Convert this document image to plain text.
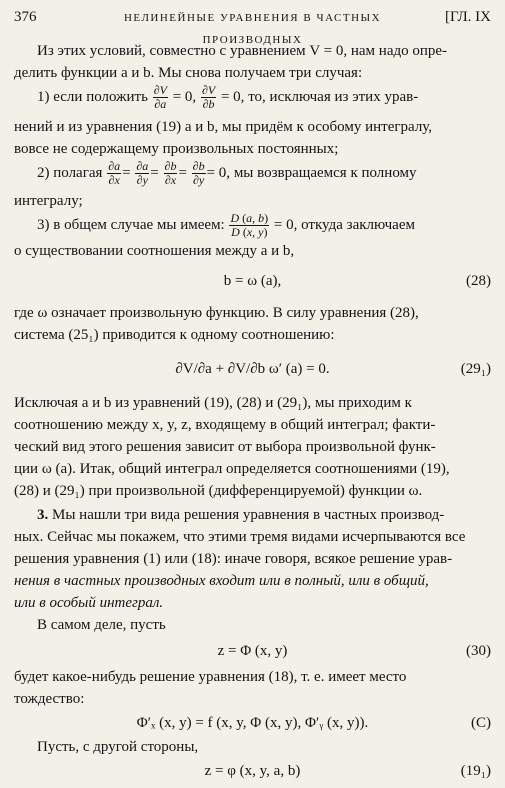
376	НЕЛИНЕЙНЫЕ УРАВНЕНИЯ В ЧАСТНЫХ ПРОИЗВОДНЫХ
[ГЛ. IX
Из этих условий, совместно с уравнением V = 0, нам надо опре-
делить функции a и b. Мы снова получаем три случая:
1) если положить $\frac{\partial V}{\partial a} = 0$, $\frac{\partial V}{\partial b} = 0$, то, исключая из этих урав-
нений и из уравнения (19) a и b, мы придём к особому интегралу,
вовсе не содержащему произвольных постоянных;
2) полагая $\frac{\partial a}{\partial x} = \frac{\partial a}{\partial y} = \frac{\partial b}{\partial x} = \frac{\partial b}{\partial y} = 0$, мы возвращаемся к полному
интегралу;
3) в общем случае мы имеем: $\frac{D (a, b)}{D (x, y)} = 0$, откуда заключаем
о существовании соотношения между a и b,
b = ω (a),	(28)
где ω означает произвольную функцию. В силу уравнения (28),
система (25₁) приводится к одному соотношению:
∂V/∂a + ∂V/∂b ω′ (a) = 0.	(29₁)
Исключая a и b из уравнений (19), (28) и (29₁), мы приходим к
соотношению между x, y, z, входящему в общий интеграл; факти-
ческий вид этого решения зависит от выбора произвольной функ-
ции ω (a). Итак, общий интеграл определяется соотношениями (19),
(28) и (29₁) при произвольной (дифференцируемой) функции ω.
3. Мы нашли три вида решения уравнения в частных производ-
ных. Сейчас мы покажем, что этими тремя видами исчерпываются все
решения уравнения (1) или (18): иначе говоря, всякое решение урав-
нения в частных производных входит или в полный, или в общий,
или в особый интеграл.
В самом деле, пусть
z = Φ (x, y)	(30)
будет какое-нибудь решение уравнения (18), т. е. имеет место
тождество:
Φ′ₓ (x, y) = f (x, y, Φ (x, y), Φ′ᵧ (x, y)).	(C)
Пусть, с другой стороны,
z = φ (x, y, a, b)	(19₁)
